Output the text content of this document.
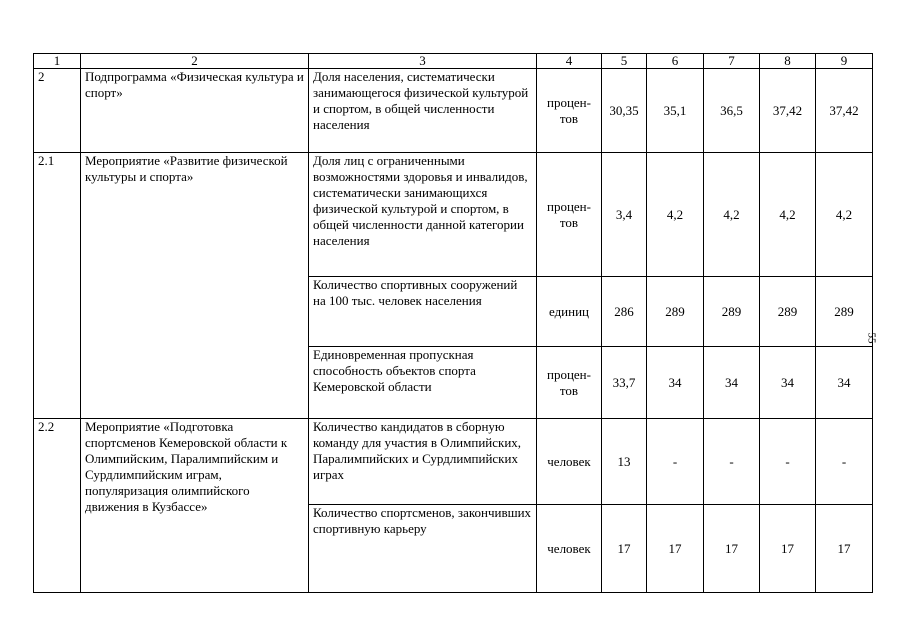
1	2	3	4	5	6	7	8	9
2	Подпрограмма «Физическая культура и спорт»	Доля населения, систематически занимающегося физической культурой и спортом, в общей численности населения	процен-тов	30,35	35,1	36,5	37,42	37,42
2.1	Мероприятие «Развитие физической культуры и спорта»	Доля лиц с ограниченными возможностями здоровья и инвалидов, систематически занимающихся физической культурой и спортом, в общей численности данной категории населения	процен-тов	3,4	4,2	4,2	4,2	4,2
		Количество спортивных сооружений на 100 тыс. человек населения	единиц	286	289	289	289	289
		Единовременная пропускная способность объектов спорта Кемеровской области	процен-тов	33,7	34	34	34	34
2.2	Мероприятие «Подготовка спортсменов Кемеровской области к Олимпийским, Паралимпийским и Сурдлимпийским играм, популяризация олимпийского движения в Кузбассе»	Количество кандидатов в сборную команду для участия в Олимпийских, Паралимпийских и Сурдлимпийских играх	человек	13	-	-	-	-
		Количество спортсменов, закончивших спортивную карьеру	человек	17	17	17	17	17
55
